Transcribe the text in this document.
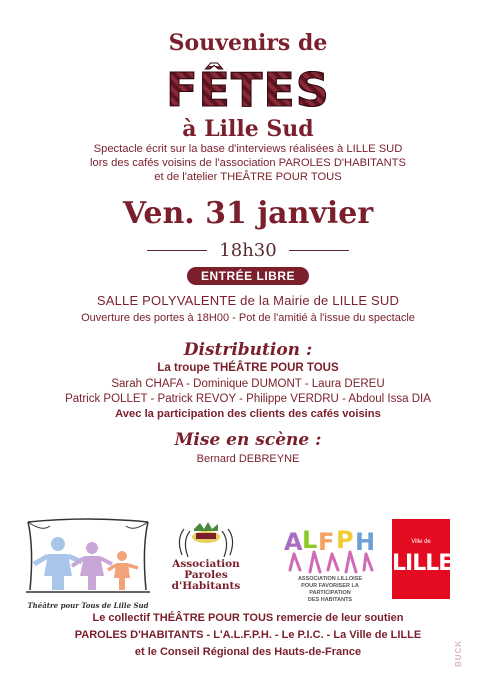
Souvenirs de
FÊTES
à Lille Sud
Spectacle écrit sur la base d'interviews réalisées à LILLE SUD
lors des cafés voisins de l'association PAROLES D'HABITANTS
et de l'atelier THEÂTRE POUR TOUS
Ven. 31 janvier
18h30
ENTRÉE LIBRE
SALLE POLYVALENTE de la Mairie de LILLE SUD
Ouverture des portes à 18H00 - Pot de l'amitié à l'issue du spectacle
Distribution :
La troupe THÉÂTRE POUR TOUS
Sarah CHAFA - Dominique DUMONT - Laura DEREU
Patrick POLLET - Patrick REVOY - Philippe VERDRU - Abdoul Issa DIA
Avec la participation des clients des cafés voisins
Mise en scène :
Bernard DEBREYNE
Théâtre pour Tous de Lille Sud
Association
Paroles
d'Habitants
A L F P H
ASSOCIATION LILLOISE
POUR FAVORISER LA PARTICIPATION
DES HABITANTS
Ville de
LILLE
Le collectif THÉÂTRE POUR TOUS remercie de leur soutien
PAROLES D'HABITANTS - L'A.L.F.P.H. - Le P.I.C. - La Ville de LILLE
et le Conseil Régional des Hauts-de-France	BUCK
